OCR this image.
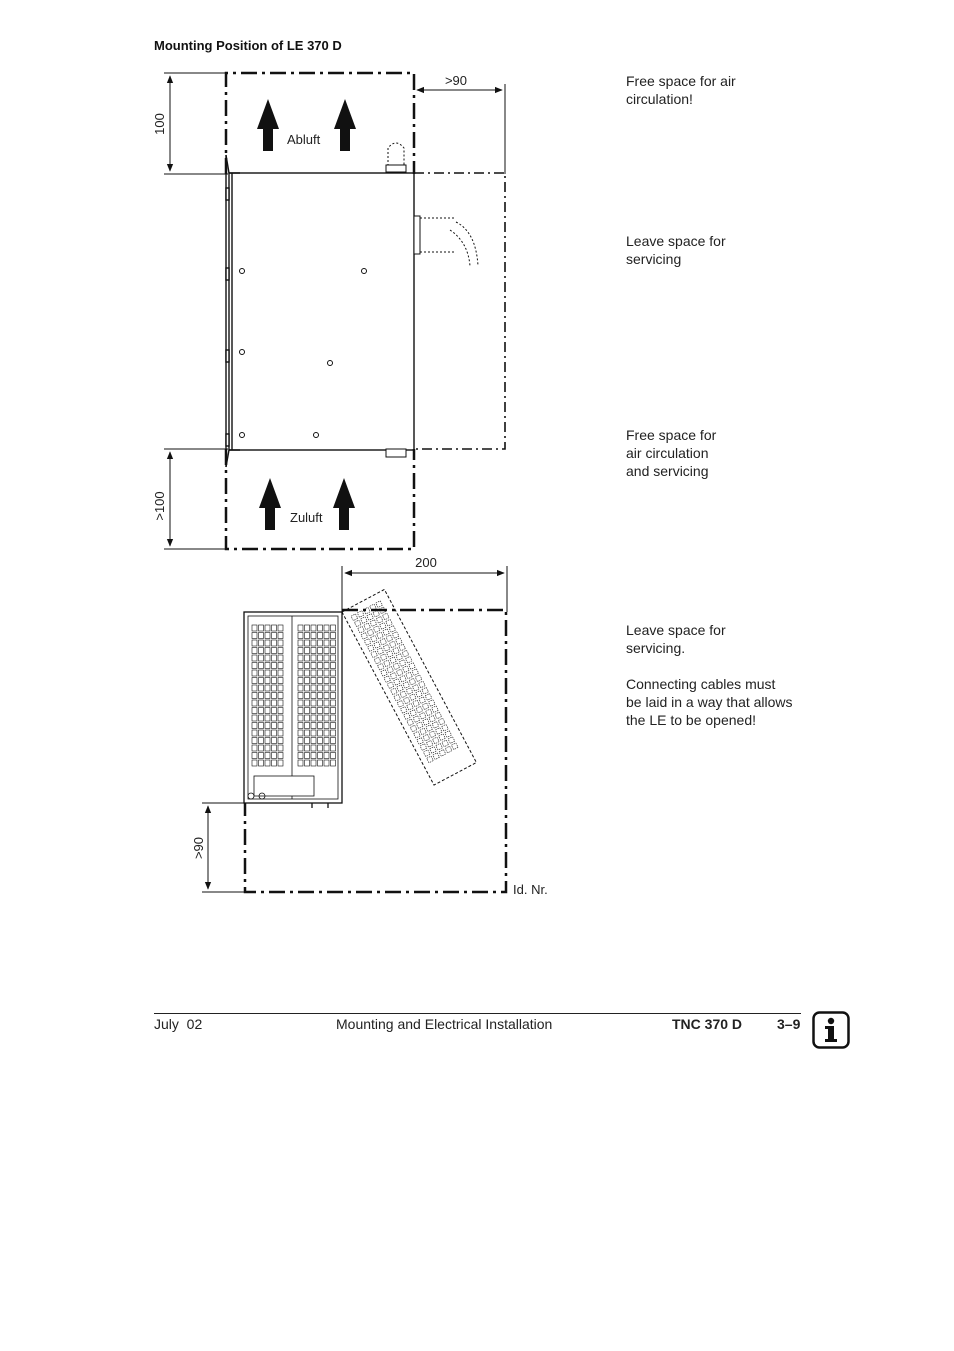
Mounting Position of LE 370 D
Abluft
Zuluft
100
>90
>100
200
>90
Id. Nr.
Free space for air
circulation!
Leave space for
servicing
Free space for
air circulation
and servicing
Leave space for
servicing.

Connecting cables must
be laid in a way that allows
the LE to be opened!
July  02	Mounting and Electrical Installation	TNC 370 D 3–9
